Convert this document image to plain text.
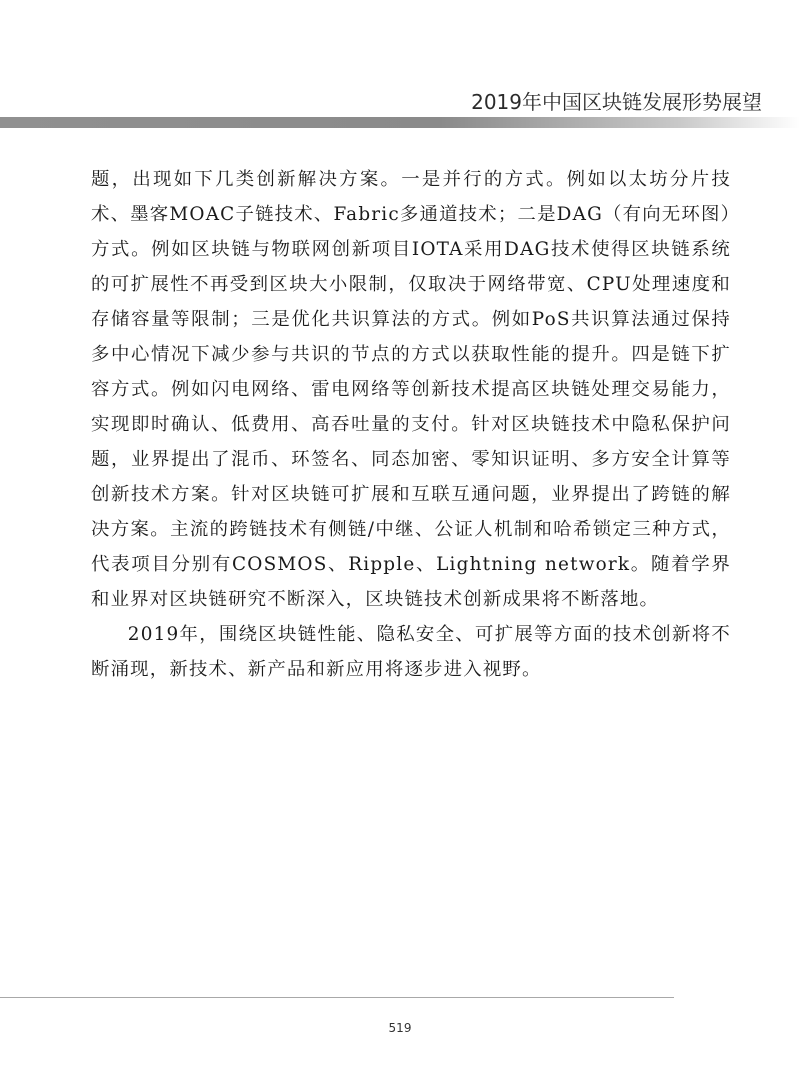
2019年中国区块链发展形势展望

题，出现如下几类创新解决方案。一是并行的方式。例如以太坊分片技术、墨客MOAC子链技术、Fabric多通道技术；二是DAG（有向无环图）方式。例如区块链与物联网创新项目IOTA采用DAG技术使得区块链系统的可扩展性不再受到区块大小限制，仅取决于网络带宽、CPU处理速度和存储容量等限制；三是优化共识算法的方式。例如PoS共识算法通过保持多中心情况下减少参与共识的节点的方式以获取性能的提升。四是链下扩容方式。例如闪电网络、雷电网络等创新技术提高区块链处理交易能力，实现即时确认、低费用、高吞吐量的支付。针对区块链技术中隐私保护问题，业界提出了混币、环签名、同态加密、零知识证明、多方安全计算等创新技术方案。针对区块链可扩展和互联互通问题，业界提出了跨链的解决方案。主流的跨链技术有侧链/中继、公证人机制和哈希锁定三种方式，代表项目分别有COSMOS、Ripple、Lightning network。随着学界和业界对区块链研究不断深入，区块链技术创新成果将不断落地。

2019年，围绕区块链性能、隐私安全、可扩展等方面的技术创新将不断涌现，新技术、新产品和新应用将逐步进入视野。

519
